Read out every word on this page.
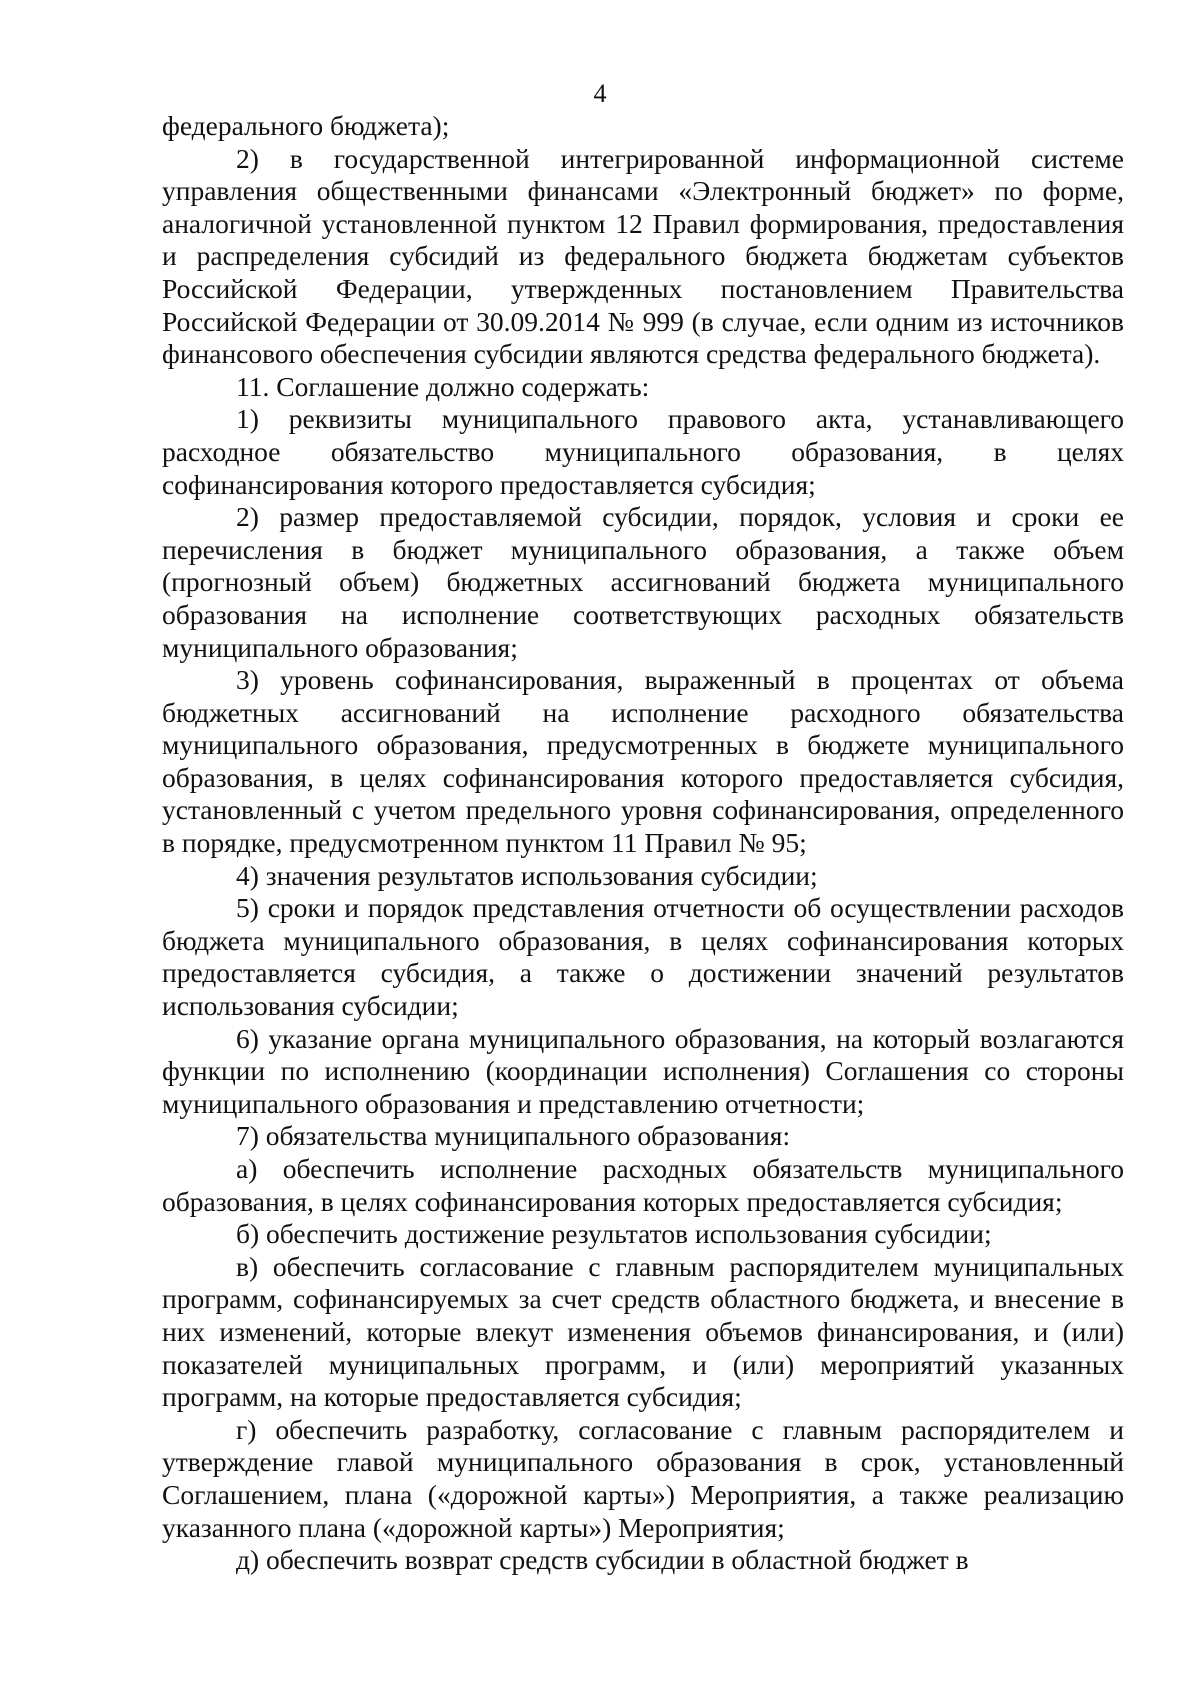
4

федерального бюджета);

2) в государственной интегрированной информационной системе управления общественными финансами «Электронный бюджет» по форме, аналогичной установленной пунктом 12 Правил формирования, предоставления и распределения субсидий из федерального бюджета бюджетам субъектов Российской Федерации, утвержденных постановлением Правительства Российской Федерации от 30.09.2014 № 999 (в случае, если одним из источников финансового обеспечения субсидии являются средства федерального бюджета).

11. Соглашение должно содержать:

1) реквизиты муниципального правового акта, устанавливающего расходное обязательство муниципального образования, в целях софинансирования которого предоставляется субсидия;

2) размер предоставляемой субсидии, порядок, условия и сроки ее перечисления в бюджет муниципального образования, а также объем (прогнозный объем) бюджетных ассигнований бюджета муниципального образования на исполнение соответствующих расходных обязательств муниципального образования;

3) уровень софинансирования, выраженный в процентах от объема бюджетных ассигнований на исполнение расходного обязательства муниципального образования, предусмотренных в бюджете муниципального образования, в целях софинансирования которого предоставляется субсидия, установленный с учетом предельного уровня софинансирования, определенного в порядке, предусмотренном пунктом 11 Правил № 95;

4) значения результатов использования субсидии;

5) сроки и порядок представления отчетности об осуществлении расходов бюджета муниципального образования, в целях софинансирования которых предоставляется субсидия, а также о достижении значений результатов использования субсидии;

6) указание органа муниципального образования, на который возлагаются функции по исполнению (координации исполнения) Соглашения со стороны муниципального образования и представлению отчетности;

7) обязательства муниципального образования:

а) обеспечить исполнение расходных обязательств муниципального образования, в целях софинансирования которых предоставляется субсидия;

б) обеспечить достижение результатов использования субсидии;

в) обеспечить согласование с главным распорядителем муниципальных программ, софинансируемых за счет средств областного бюджета, и внесение в них изменений, которые влекут изменения объемов финансирования, и (или) показателей муниципальных программ, и (или) мероприятий указанных программ, на которые предоставляется субсидия;

г) обеспечить разработку, согласование с главным распорядителем и утверждение главой муниципального образования в срок, установленный Соглашением, плана («дорожной карты») Мероприятия, а также реализацию указанного плана («дорожной карты») Мероприятия;

д) обеспечить возврат средств субсидии в областной бюджет в
